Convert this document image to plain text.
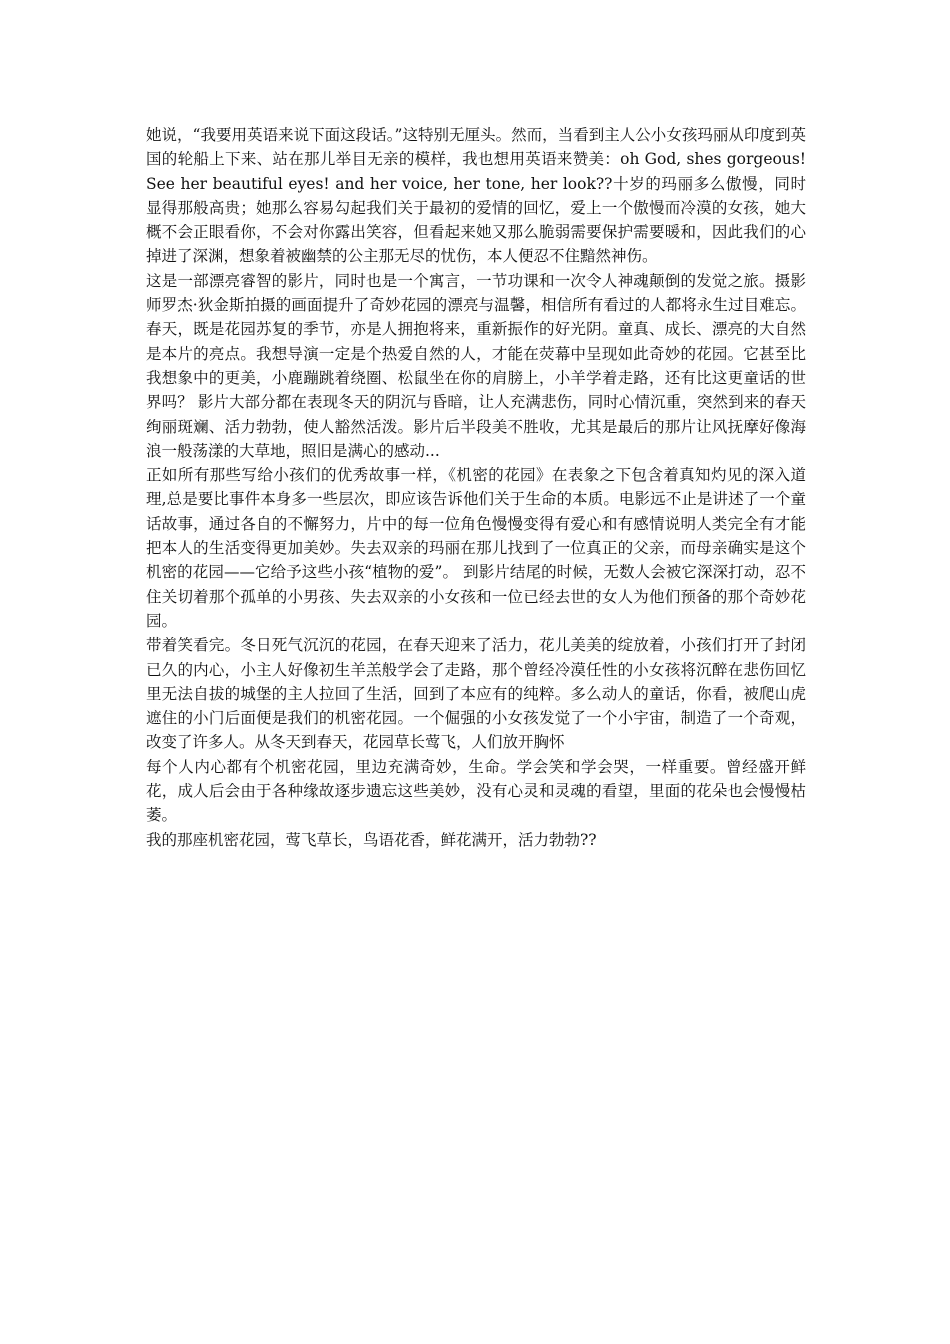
她说，“我要用英语来说下面这段话。”这特别无厘头。然而，当看到主人公小女孩玛丽从印度到英国的轮船上下来、站在那儿举目无亲的模样，我也想用英语来赞美：oh God, shes gorgeous! See her beautiful eyes! and her voice, her tone, her look??十岁的玛丽多么傲慢，同时显得那般高贵；她那么容易勾起我们关于最初的爱情的回忆，爱上一个傲慢而冷漠的女孩，她大概不会正眼看你，不会对你露出笑容，但看起来她又那么脆弱需要保护需要暖和，因此我们的心掉进了深渊，想象着被幽禁的公主那无尽的忧伤，本人便忍不住黯然神伤。

这是一部漂亮睿智的影片，同时也是一个寓言，一节功课和一次令人神魂颠倒的发觉之旅。摄影师罗杰·狄金斯拍摄的画面提升了奇妙花园的漂亮与温馨，相信所有看过的人都将永生过目难忘。春天，既是花园苏复的季节，亦是人拥抱将来，重新振作的好光阴。童真、成长、漂亮的大自然是本片的亮点。我想导演一定是个热爱自然的人，才能在荧幕中呈现如此奇妙的花园。它甚至比我想象中的更美，小鹿蹦跳着绕圈、松鼠坐在你的肩膀上，小羊学着走路，还有比这更童话的世界吗？ 影片大部分都在表现冬天的阴沉与昏暗，让人充满悲伤，同时心情沉重，突然到来的春天绚丽斑斓、活力勃勃，使人豁然活泼。影片后半段美不胜收，尤其是最后的那片让风抚摩好像海浪一般荡漾的大草地，照旧是满心的感动...

正如所有那些写给小孩们的优秀故事一样，《机密的花园》在表象之下包含着真知灼见的深入道理,总是要比事件本身多一些层次，即应该告诉他们关于生命的本质。电影远不止是讲述了一个童话故事，通过各自的不懈努力，片中的每一位角色慢慢变得有爱心和有感情说明人类完全有才能把本人的生活变得更加美妙。失去双亲的玛丽在那儿找到了一位真正的父亲，而母亲确实是这个机密的花园——它给予这些小孩“植物的爱”。 到影片结尾的时候，无数人会被它深深打动，忍不住关切着那个孤单的小男孩、失去双亲的小女孩和一位已经去世的女人为他们预备的那个奇妙花园。

带着笑看完。冬日死气沉沉的花园，在春天迎来了活力，花儿美美的绽放着，小孩们打开了封闭已久的内心，小主人好像初生羊羔般学会了走路，那个曾经冷漠任性的小女孩将沉醉在悲伤回忆里无法自拔的城堡的主人拉回了生活，回到了本应有的纯粹。多么动人的童话，你看，被爬山虎遮住的小门后面便是我们的机密花园。一个倔强的小女孩发觉了一个小宇宙，制造了一个奇观，改变了许多人。从冬天到春天，花园草长莺飞，人们放开胸怀

每个人内心都有个机密花园，里边充满奇妙，生命。学会笑和学会哭，一样重要。曾经盛开鲜花，成人后会由于各种缘故逐步遗忘这些美妙，没有心灵和灵魂的看望，里面的花朵也会慢慢枯萎。

我的那座机密花园，莺飞草长，鸟语花香，鲜花满开，活力勃勃??
